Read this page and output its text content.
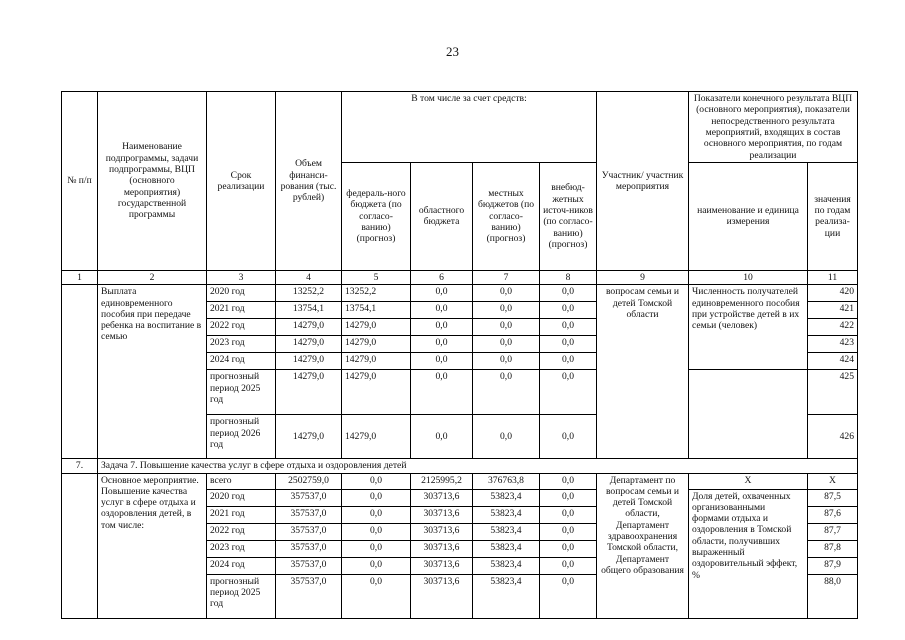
23
№ п/п	Наименование подпрограммы, задачи подпрограммы, ВЦП (основного мероприятия) государственной программы	Срок реализации	Объем финанси-рования (тыс. рублей)	В том числе за счет средств:				Участник/ участник мероприятия	Показатели конечного результата ВЦП (основного мероприятия), показатели непосредственного результата мероприятий, входящих в состав основного мероприятия, по годам реализации	
				федераль-ного бюджета (по согласо-ванию) (прогноз)	областного бюджета	местных бюджетов (по согласо-ванию) (прогноз)	внебюд-жетных источ-ников (по согласо-ванию) (прогноз)		наименование и единица измерения	значения по годам реализа-ции
1	2	3	4	5	6	7	8	9	10	11
	Выплата единовременного пособия при передаче ребенка на воспитание в семью	2020 год	13252,2	13252,2	0,0	0,0	0,0	вопросам семьи и детей Томской области	Численность получателей единовременного пособия при устройстве детей в их семьи (человек)	420
		2021 год	13754,1	13754,1	0,0	0,0	0,0			421
		2022 год	14279,0	14279,0	0,0	0,0	0,0			422
		2023 год	14279,0	14279,0	0,0	0,0	0,0			423
		2024 год	14279,0	14279,0	0,0	0,0	0,0			424
		прогнозный период 2025 год	14279,0	14279,0	0,0	0,0	0,0			425
		прогнозный период 2026 год	14279,0	14279,0	0,0	0,0	0,0			426
7.	Задача 7. Повышение качества услуг в сфере отдыха и оздоровления детей									
	Основное мероприятие. Повышение качества услуг в сфере отдыха и оздоровления детей, в том числе:	всего	2502759,0	0,0	2125995,2	376763,8	0,0	Департамент по вопросам семьи и детей Томской области, Департамент здравоохранения Томской области, Департамент общего образования	X	X
		2020 год	357537,0	0,0	303713,6	53823,4	0,0		Доля детей, охваченных организованными формами отдыха и оздоровления в Томской области, получивших выраженный оздоровительный эффект, %	87,5
		2021 год	357537,0	0,0	303713,6	53823,4	0,0			87,6
		2022 год	357537,0	0,0	303713,6	53823,4	0,0			87,7
		2023 год	357537,0	0,0	303713,6	53823,4	0,0			87,8
		2024 год	357537,0	0,0	303713,6	53823,4	0,0			87,9
		прогнозный период 2025 год	357537,0	0,0	303713,6	53823,4	0,0			88,0
